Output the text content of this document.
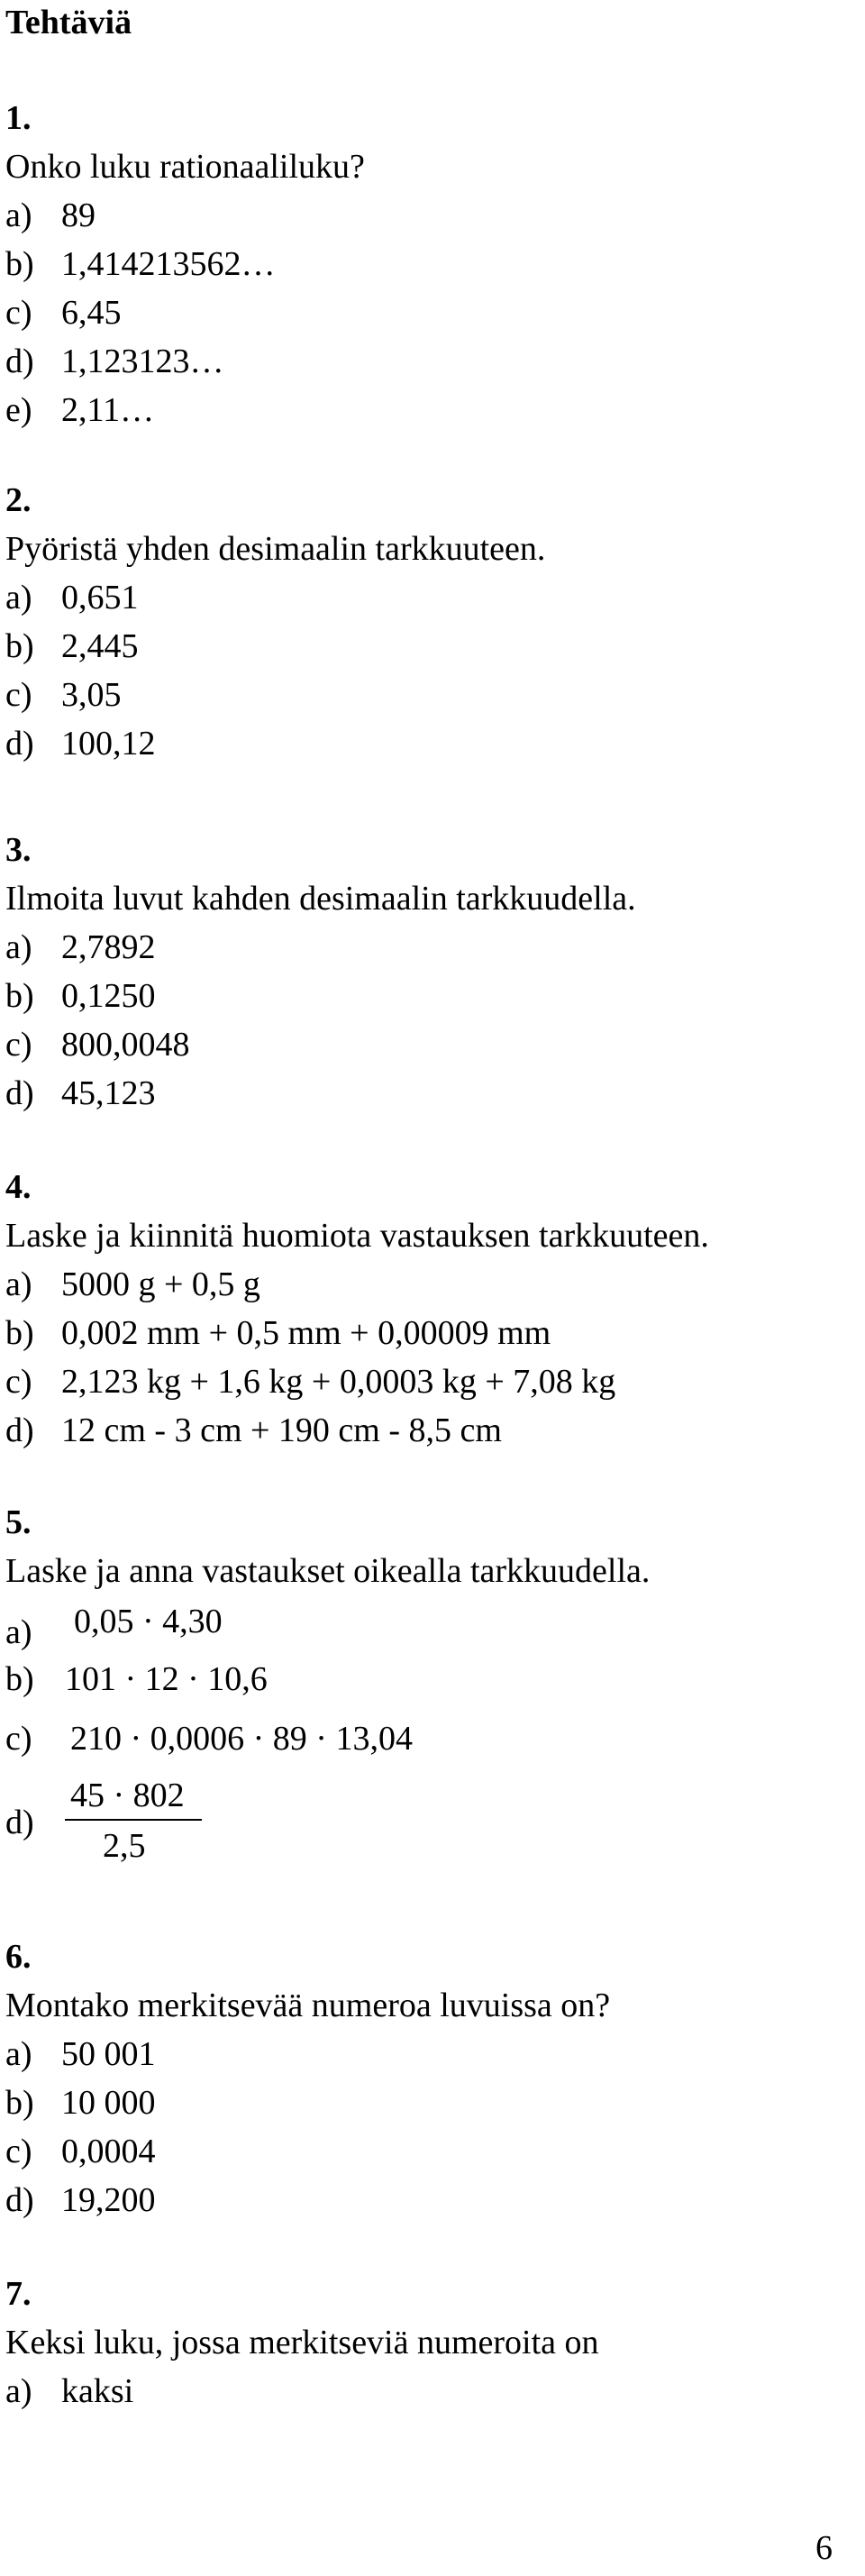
Tehtäviä
1.
Onko luku rationaaliluku?
a) 89
b) 1,414213562…
c) 6,45
d) 1,123123…
e) 2,11…
2.
Pyöristä yhden desimaalin tarkkuuteen.
a) 0,651
b) 2,445
c) 3,05
d) 100,12
3.
Ilmoita luvut kahden desimaalin tarkkuudella.
a) 2,7892
b) 0,1250
c) 800,0048
d) 45,123
4.
Laske ja kiinnitä huomiota vastauksen tarkkuuteen.
a) 5000 g + 0,5 g
b) 0,002 mm + 0,5 mm + 0,00009 mm
c) 2,123 kg + 1,6 kg + 0,0003 kg + 7,08 kg
d) 12 cm - 3 cm + 190 cm - 8,5 cm
5.
Laske ja anna vastaukset oikealla tarkkuudella.
a) 0,05 · 4,30
b) 101 · 12 · 10,6
c) 210 · 0,0006 · 89 · 13,04
d)
45 · 802
2,5
6.
Montako merkitsevää numeroa luvuissa on?
a) 50 001
b) 10 000
c) 0,0004
d) 19,200
7.
Keksi luku, jossa merkitseviä numeroita on
a) kaksi
6
